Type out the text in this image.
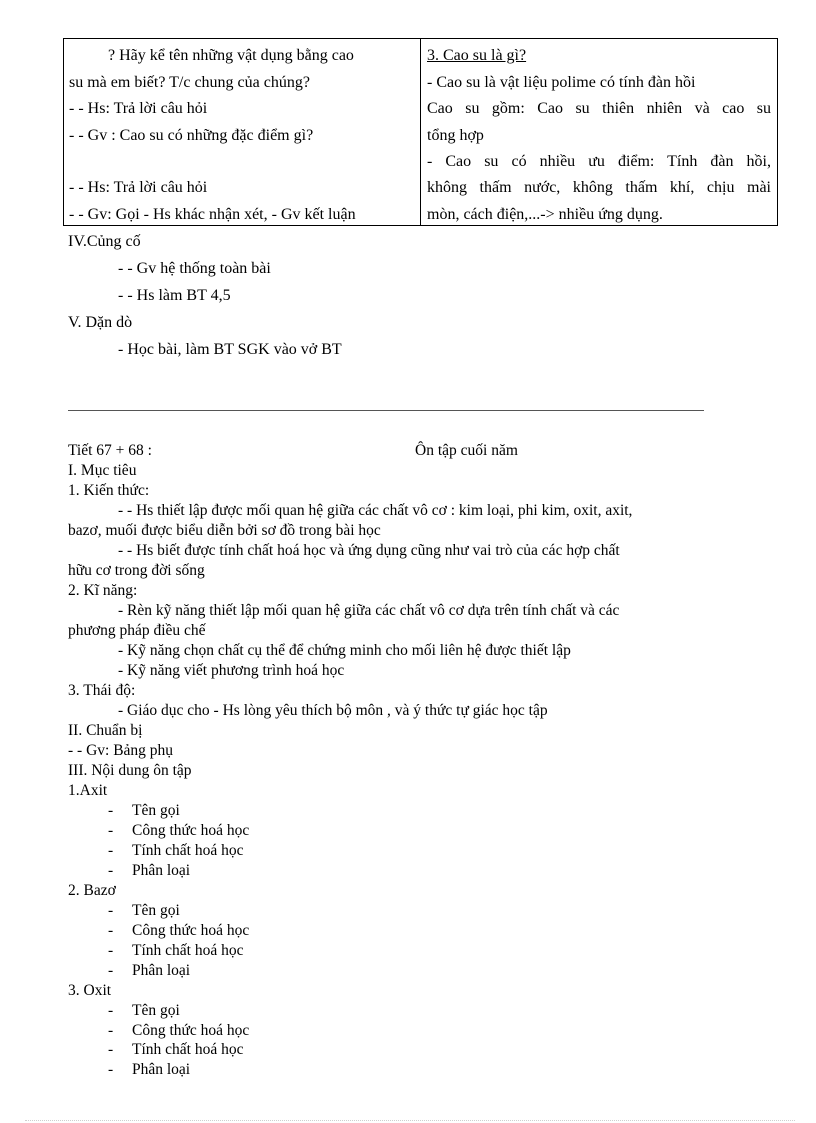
? Hãy kể tên những vật dụng bằng cao
su mà em biết? T/c chung của chúng?
- - Hs: Trả lời câu hỏi
- - Gv : Cao su có những đặc điểm gì?
- - Hs: Trả lời câu hỏi
- - Gv: Gọi - Hs khác nhận xét, - Gv kết luận
3. Cao su là gì?
- Cao su là vật liệu polime có tính đàn hồi
Cao su gồm: Cao su thiên nhiên và cao su
tổng hợp
- Cao su có nhiều ưu điểm: Tính đàn hồi,
không thấm nước, không thấm khí, chịu mài
mòn, cách điện,...-> nhiều ứng dụng.
IV.Củng cố
- - Gv hệ thống toàn bài
- - Hs làm BT 4,5
V. Dặn dò
- Học bài, làm BT SGK vào vở BT
Tiết 67 + 68 :	Ôn tập cuối năm
I. Mục tiêu
1. Kiến thức:
- - Hs thiết lập được mối quan hệ giữa các chất vô cơ : kim loại, phi kim, oxit, axit,
bazơ, muối được biểu diễn bởi sơ đồ trong bài học
- - Hs biết được tính chất hoá học và ứng dụng cũng như vai trò của các hợp chất
hữu cơ trong đời sống
2. Kĩ năng:
- Rèn kỹ năng thiết lập mối quan hệ giữa các chất vô cơ dựa trên tính chất và các
phương pháp điều chế
- Kỹ năng chọn chất cụ thể để chứng minh cho mối liên hệ được thiết lập
- Kỹ năng viết phương trình hoá học
3. Thái độ:
- Giáo dục cho - Hs lòng yêu thích bộ môn , và ý thức tự giác học tập
II. Chuẩn bị
- - Gv: Bảng phụ
III. Nội dung ôn tập
1.Axit
- Tên gọi
- Công thức hoá học
- Tính chất hoá học
- Phân loại
2. Bazơ
- Tên gọi
- Công thức hoá học
- Tính chất hoá học
- Phân loại
3. Oxit
- Tên gọi
- Công thức hoá học
- Tính chất hoá học
- Phân loại
